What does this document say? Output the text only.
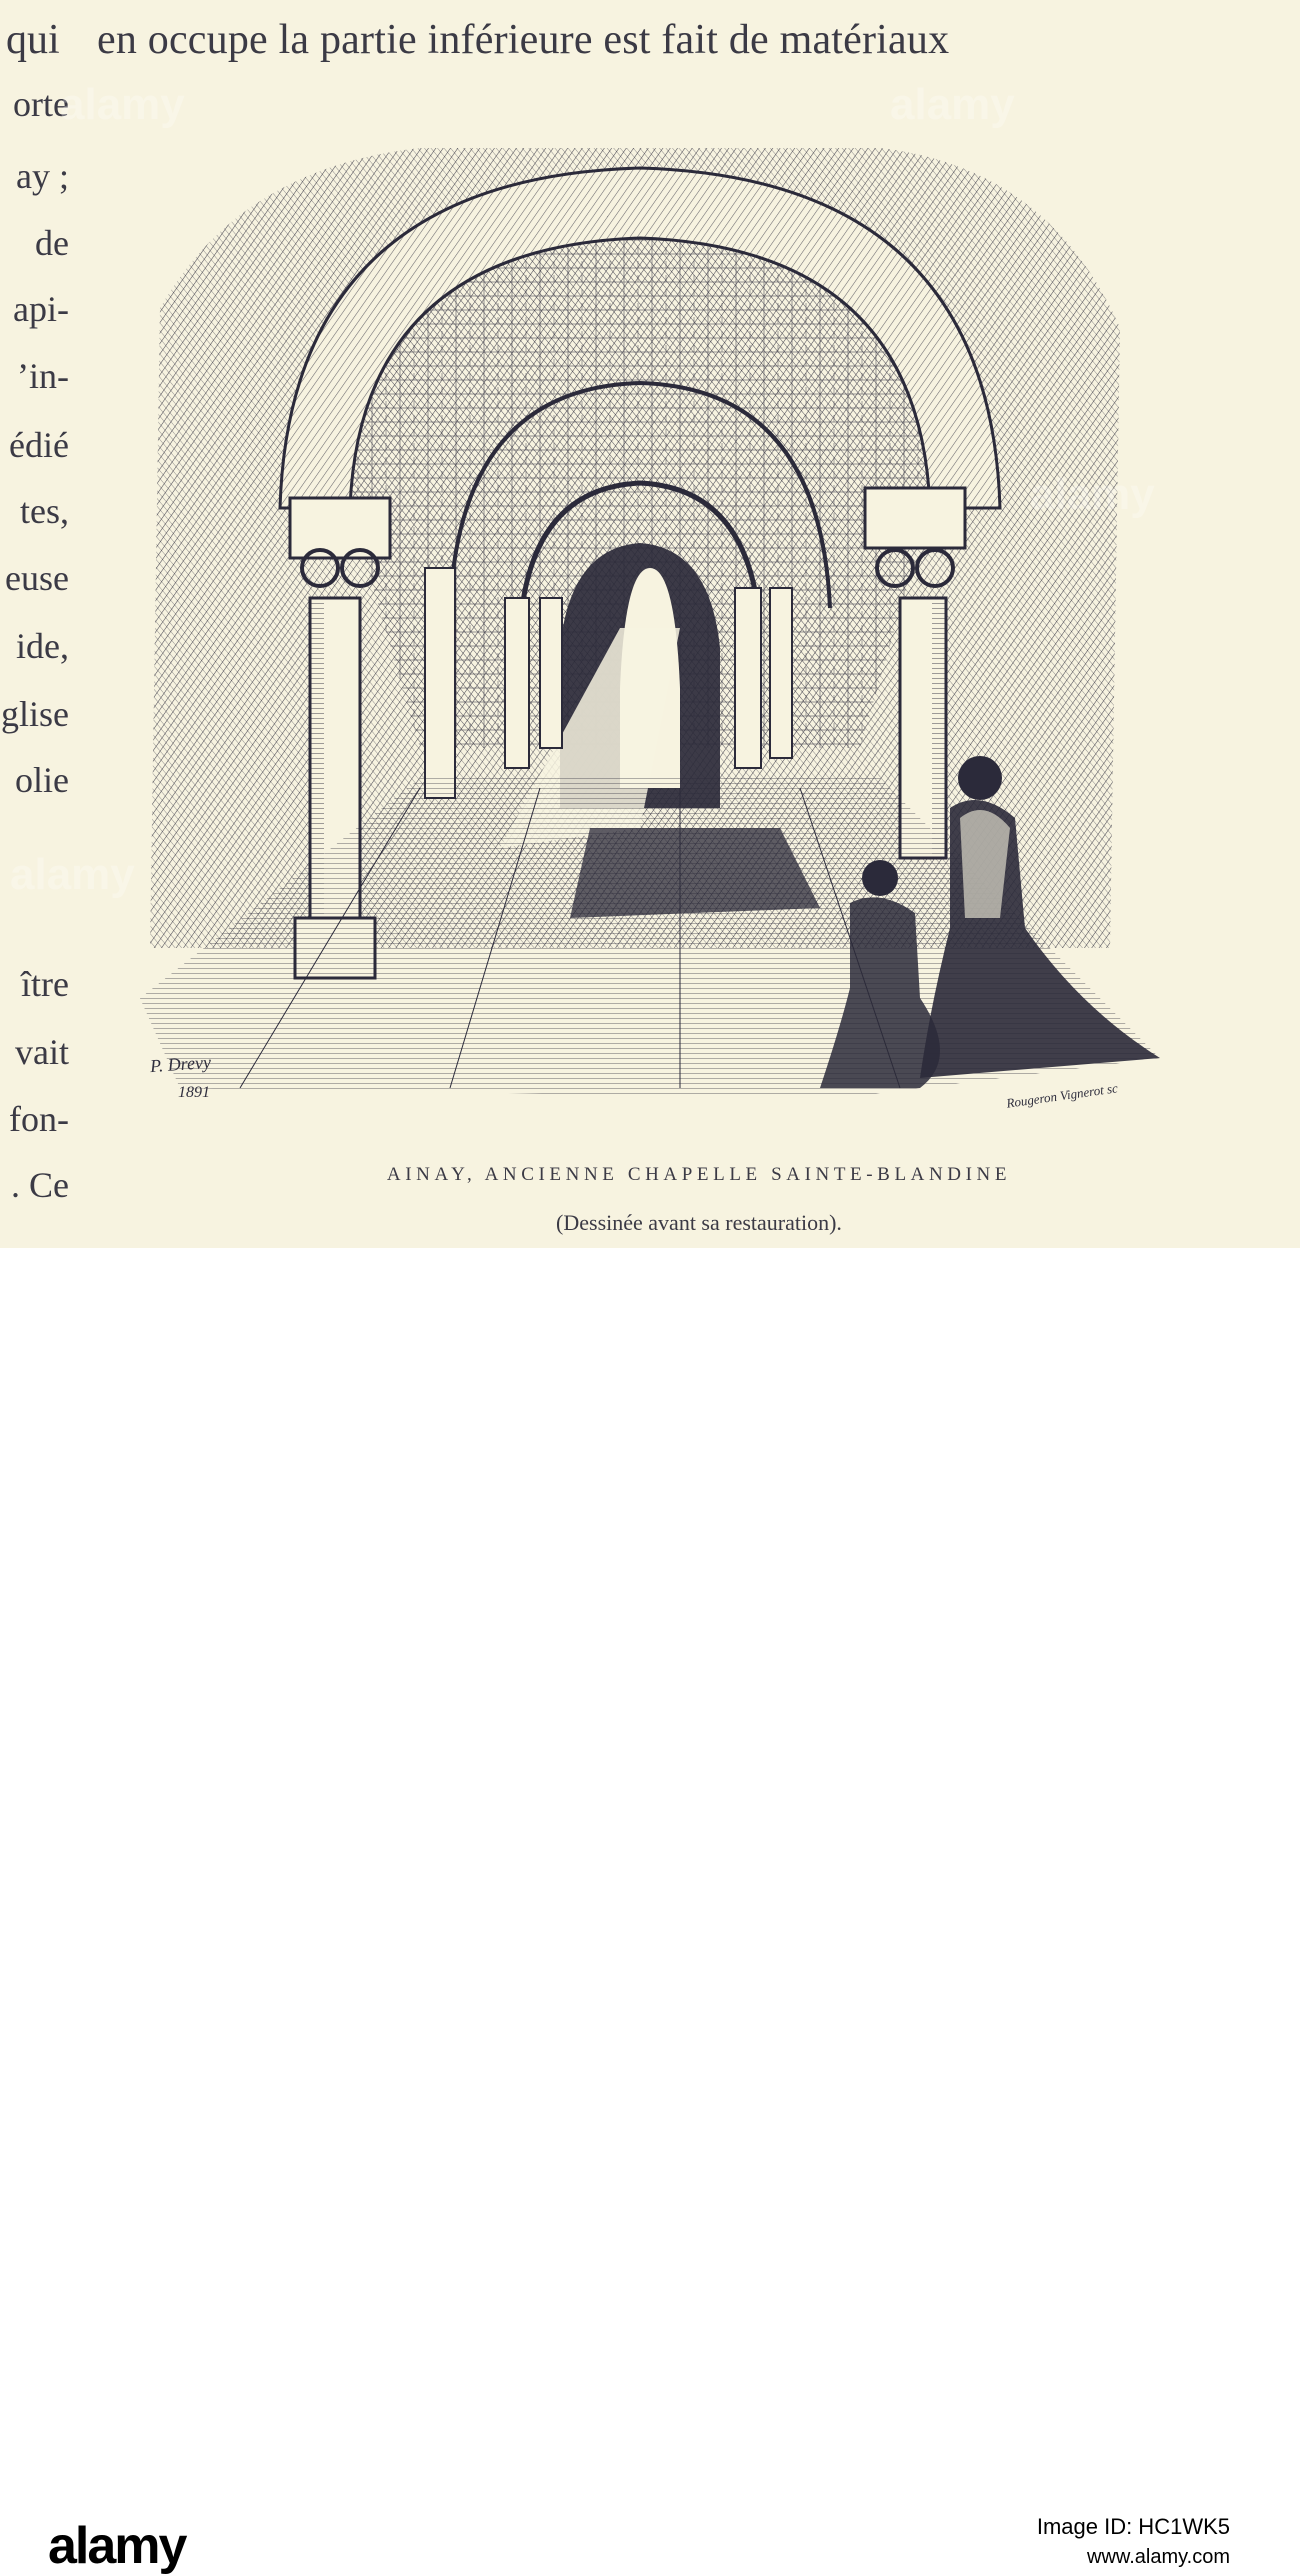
qui en occupe la partie inférieure est fait de matériaux
orte
ay ;
de
api-
’in-
édié
tes,
euse
ide,
glise
olie
ître
vait
fon-
. Ce
P. Drevy
1891	Rougeron Vignerot sc
AINAY, ANCIENNE CHAPELLE SAINTE-BLANDINE
(Dessinée avant sa restauration).
alamy	alamy
alamy
alamy
alamy	Image ID: HC1WK5
www.alamy.com
